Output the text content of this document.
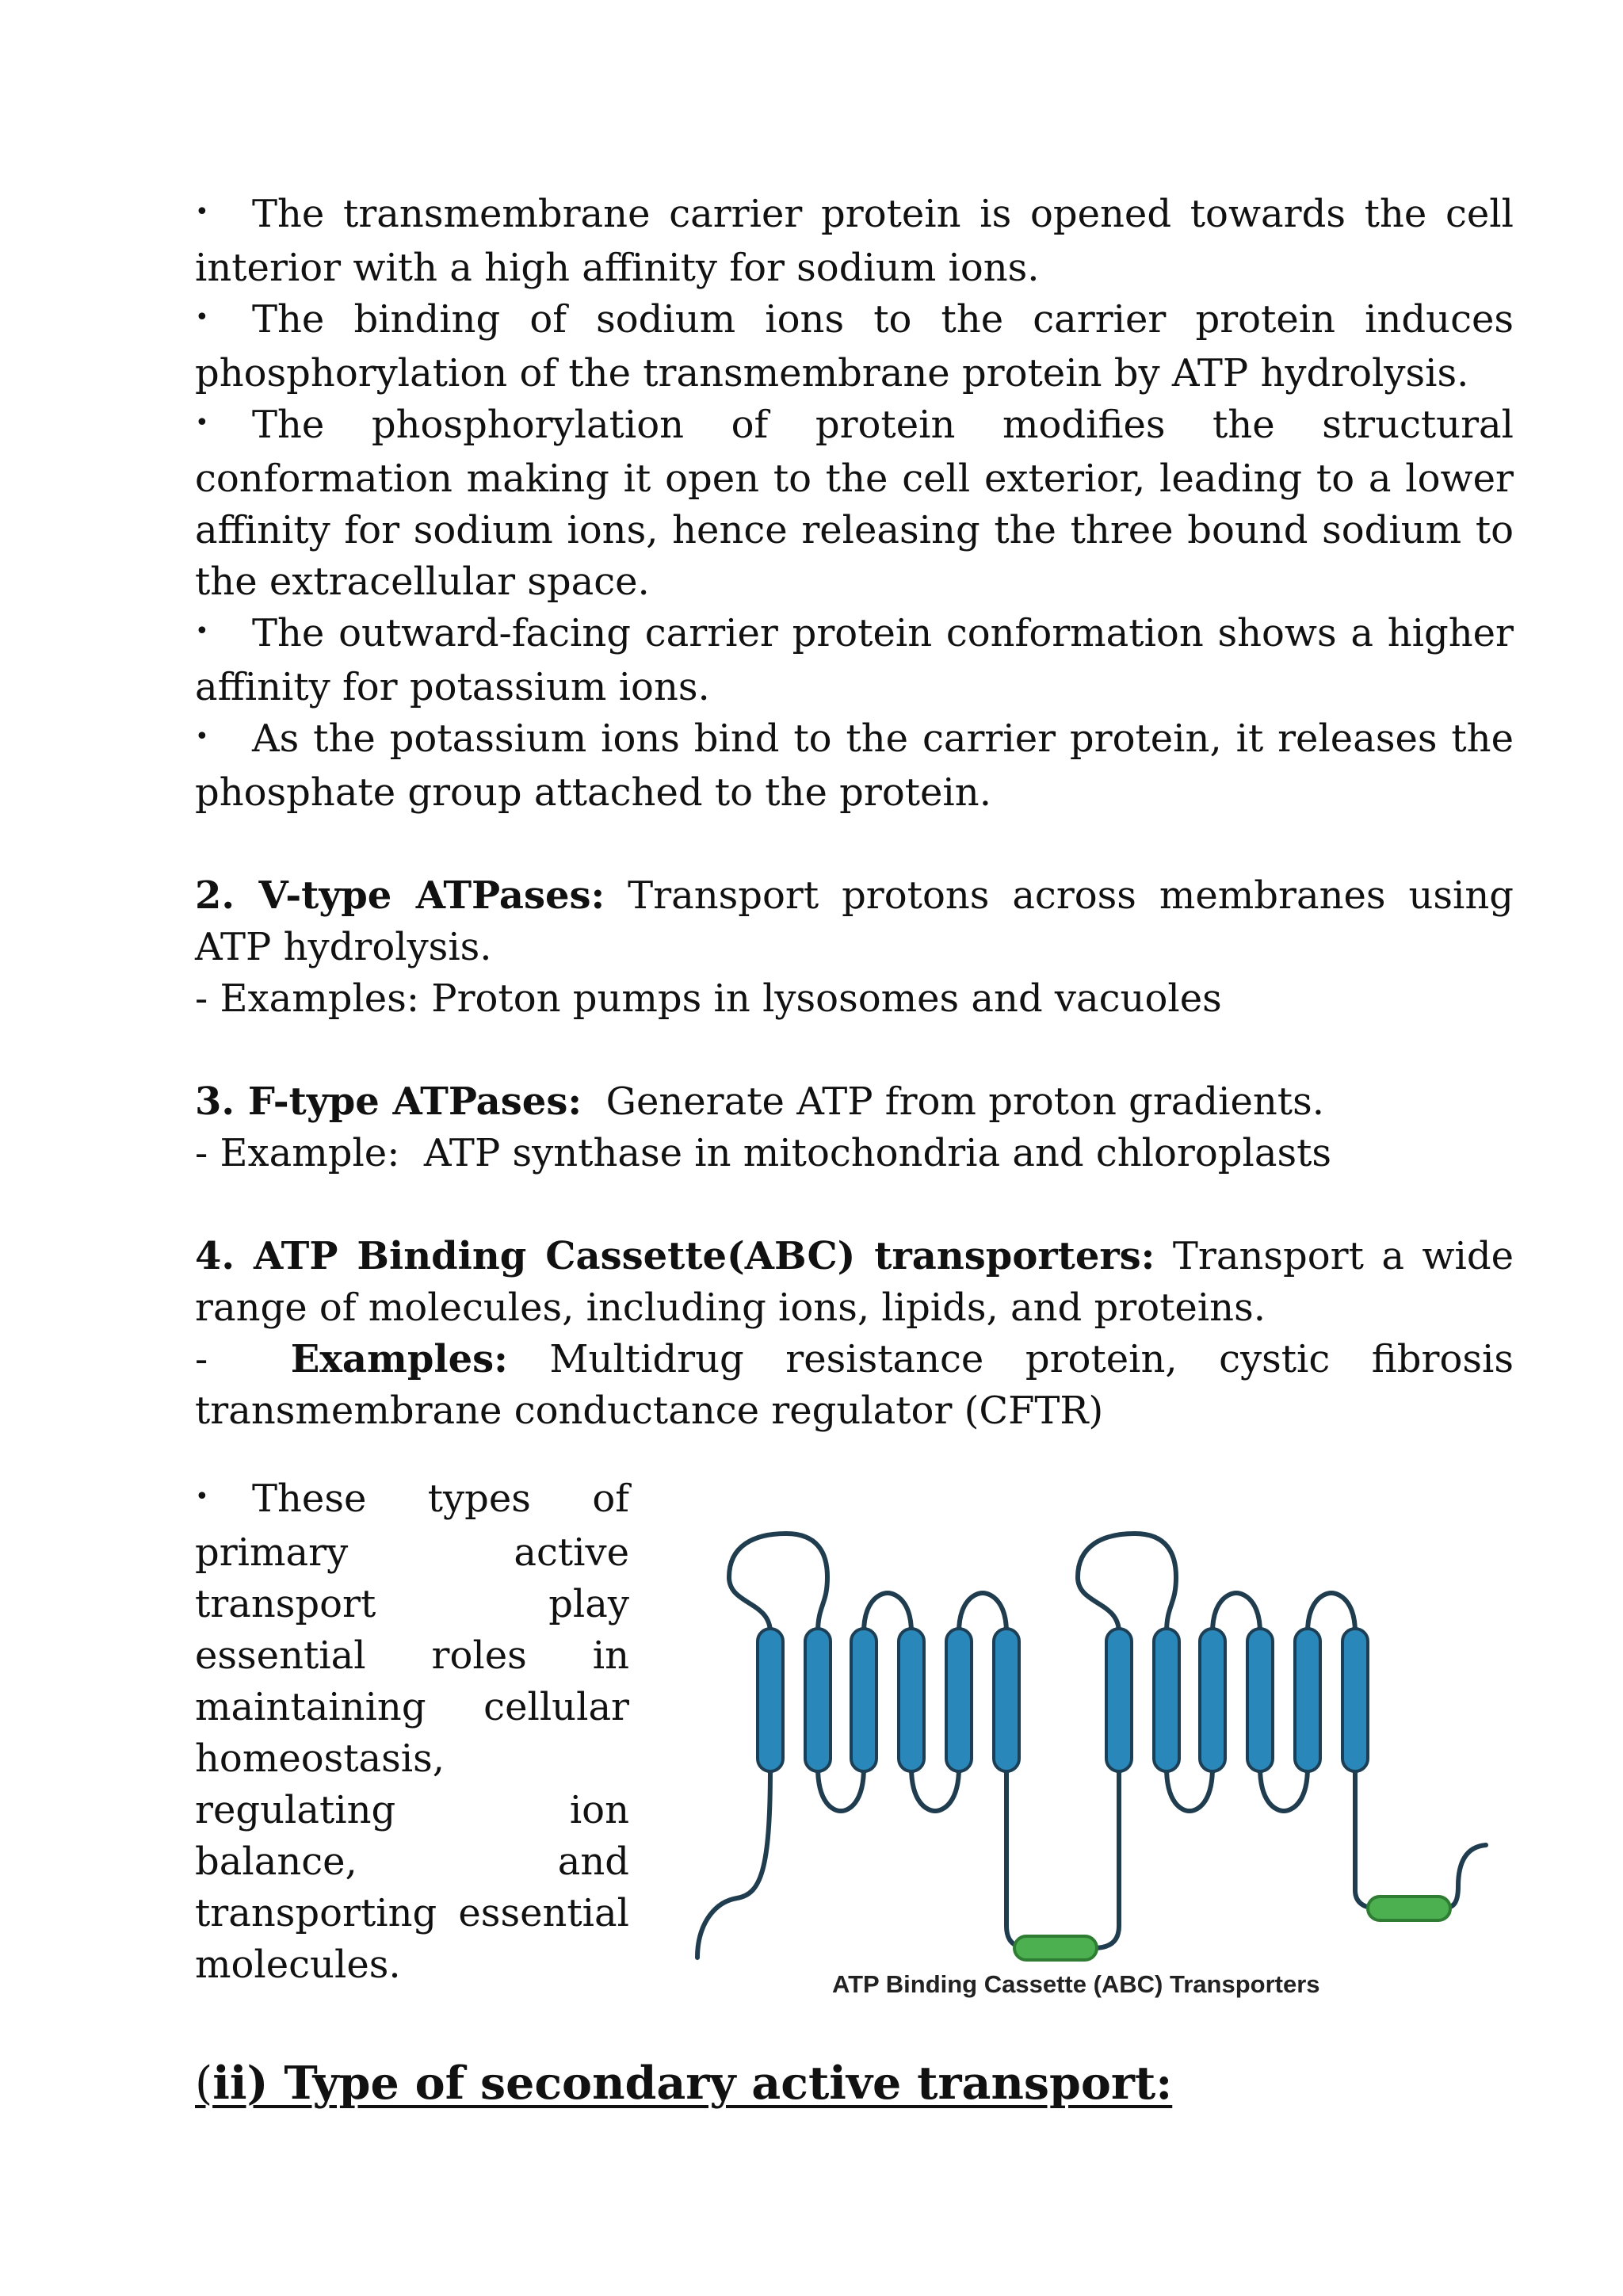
• The transmembrane carrier protein is opened towards the cell interior with a high affinity for sodium ions.

• The binding of sodium ions to the carrier protein induces phosphorylation of the transmembrane protein by ATP hydrolysis.

• The phosphorylation of protein modifies the structural conformation making it open to the cell exterior, leading to a lower affinity for sodium ions, hence releasing the three bound sodium to the extracellular space.

• The outward-facing carrier protein conformation shows a higher affinity for potassium ions.

• As the potassium ions bind to the carrier protein, it releases the phosphate group attached to the protein.

2. V-type ATPases: Transport protons across membranes using ATP hydrolysis.

- Examples: Proton pumps in lysosomes and vacuoles

3. F-type ATPases:  Generate ATP from proton gradients.

- Example:  ATP synthase in mitochondria and chloroplasts

4. ATP Binding Cassette(ABC) transporters: Transport a wide range of molecules, including ions, lipids, and proteins.

- Examples: Multidrug resistance protein, cystic fibrosis transmembrane conductance regulator (CFTR)

• These types of primary active transport play essential roles in maintaining cellular homeostasis, regulating ion balance, and transporting essential molecules.	ATP Binding Cassette (ABC) Transporters
(ii) Type of secondary active transport:
